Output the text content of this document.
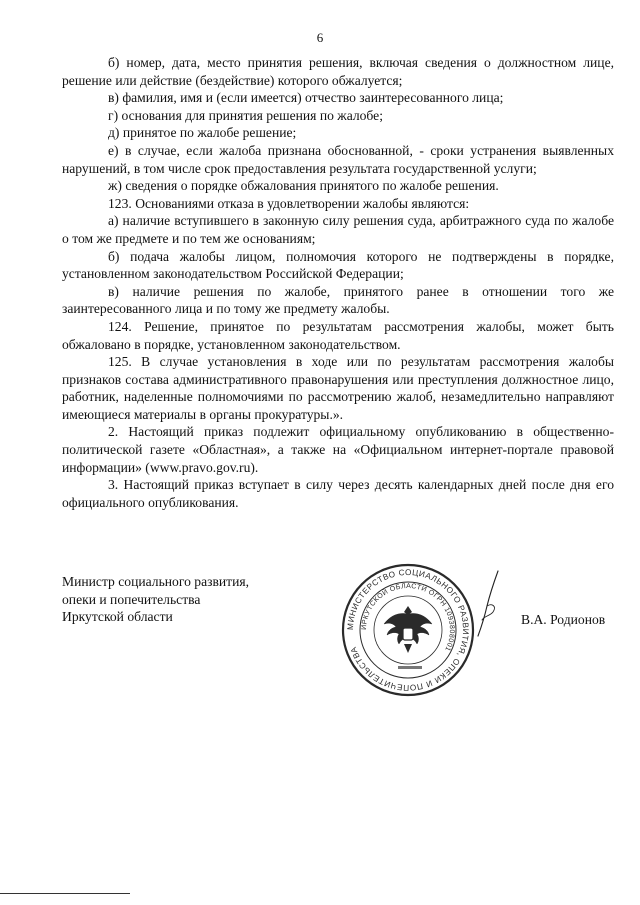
6

б) номер, дата, место принятия решения, включая сведения о должностном лице, решение или действие (бездействие) которого обжалуется;

в) фамилия, имя и (если имеется) отчество заинтересованного лица;

г) основания для принятия решения по жалобе;

д) принятое по жалобе решение;

е) в случае, если жалоба признана обоснованной, - сроки устранения выявленных нарушений, в том числе срок предоставления результата государственной услуги;

ж) сведения о порядке обжалования принятого по жалобе решения.

123. Основаниями отказа в удовлетворении жалобы являются:

а) наличие вступившего в законную силу решения суда, арбитражного суда по жалобе о том же предмете и по тем же основаниям;

б) подача жалобы лицом, полномочия которого не подтверждены в порядке, установленном законодательством Российской Федерации;

в) наличие решения по жалобе, принятого ранее в отношении того же заинтересованного лица и по тому же предмету жалобы.

124. Решение, принятое по результатам рассмотрения жалобы, может быть обжаловано в порядке, установленном законодательством.

125. В случае установления в ходе или по результатам рассмотрения жалобы признаков состава административного правонарушения или преступления должностное лицо, работник, наделенные полномочиями по рассмотрению жалоб, незамедлительно направляют имеющиеся материалы в органы прокуратуры.».

2. Настоящий приказ подлежит официальному опубликованию в общественно-политической газете «Областная», а также на «Официальном интернет-портале правовой информации» (www.pravo.gov.ru).

3. Настоящий приказ вступает в силу через десять календарных дней после дня его официального опубликования.

Министр социального развития,
опеки и попечительства
Иркутской области
МИНИСТЕРСТВО СОЦИАЛЬНОГО РАЗВИТИЯ, ОПЕКИ И ПОПЕЧИТЕЛЬСТВА
ИРКУТСКОЙ ОБЛАСТИ ОГРН 1093808001
В.А. Родионов
